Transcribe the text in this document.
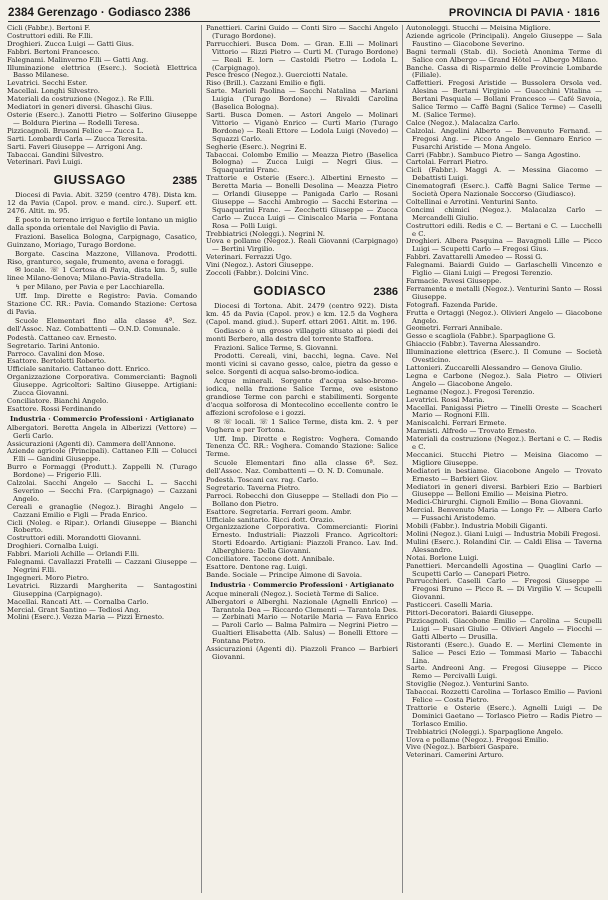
2384 Gerenzago · Godiasco 2386	PROVINCIA DI PAVIA · 1816
Cicli (Fabbr.). Bertoni F.
Costruttori edili. Re F.lli.
Droghieri. Zucca Luigi — Gatti Gius.
Fabbri. Bertoni Francesco.
Falegnami. Malinverno F.lli — Gatti Ang.
Illuminazione elettrica (Eserc.). Società Elettrica Basso Milanese.
Levatrici. Secchi Ester.
Macellai. Longhi Silvestro.
Materiali da costruzione (Negoz.). Re F.lli.
Mediatori in generi diversi. Ghaschi Gius.
Osterie (Eserc.). Zanotti Pietro — Solferino Giuseppe — Boldura Pierina — Rodelli Teresa.
Pizzicagnoli. Brusoni Felice — Zucca L.
Sarti. Lombardi Carla — Zucca Teresita.
Sarti. Faveri Giuseppe — Arrigoni Ang.
Tabaccai. Gandini Silvestro.
Veterinari. Pavì Luigi.
GIUSSAGO	2385

Diocesi di Pavia. Abit. 3259 (centro 478). Dista km. 12 da Pavia (Capol. prov. e mand. circ.). Superf. ett. 2476. Altit. m. 95.

È posto in terreno irriguo e fertile lontano un miglio dalla sponda orientale del Naviglio di Pavia.

Frazioni. Baselica Bologna, Carpignago, Casatico, Guinzano, Moriago, Turago Bordone.

Borgate. Cascina Mazzone, Villanova. Prodotti. Riso, granturco, segale, frumento, avena e foraggi.

✉ locale. ☏ 1 Certosa di Pavia, dista km. 5, sulle linee Milano-Genova; Milano-Pavia-Stradella.

↯ per Milano, per Pavia e per Lacchiarella.

Uff. Imp. Dirette e Registro: Pavia. Comando Stazione CC. RR.: Pavia. Comando Stazione: Certosa di Pavia.

Scuole Elementari fino alla classe 4ª. Sez. dell'Assoc. Naz. Combattenti — O.N.D. Comunale.

Podestà. Cattaneo cav. Ernesto.
Segretario. Tarini Antonio.
Parroco. Cavalini don Mose.
Esattore. Bertoletti Roberto.
Ufficiale sanitario. Cattaneo dott. Enrico.
Organizzazione Corporativa. Commercianti: Bagnoli Giuseppe. Agricoltori: Saltino Giuseppe. Artigiani: Zucca Giovanni.
Conciliatore. Bianchi Angelo.
Esattore. Rossi Ferdinando
Industria · Commercio Professioni · Artigianato
Albergatori. Beretta Angela in Alberizzi (Vettore) — Gerli Carlo.
Assicurazioni (Agenti di). Cammera dell'Annone.
Aziende agricole (Principali). Cattaneo F.lli — Colucci F.lli — Gandini Giuseppe.
Burro e Formaggi (Produtt.). Zappelli N. (Turago Bordone) — Frigerio F.lli.
Calzolai. Sacchi Angelo — Sacchi L. — Sacchi Severino — Secchi Fra. (Carpignago) — Cazzani Angelo.
Cereali e granaglie (Negoz.). Biraghi Angelo — Cazzani Emilio e Figli — Prada Enrico.
Cicli (Noleg. e Ripar.). Orlandi Giuseppe — Bianchi Roberto.
Costruttori edili. Morandotti Giovanni.
Droghieri. Cornalba Luigi.
Fabbri. Marioli Achille — Orlandi F.lli.
Falegnami. Cavallazzi Fratelli — Cazzani Giuseppe — Negrini F.lli.
Ingegneri. Moro Pietro.
Levatrici. Rizzardi Margherita — Santagostini Giuseppina (Carpignago).
Macellai. Rancati Att. — Cornalba Carlo.
Mercial. Grant Santino — Tediosi Ang.
Molini (Eserc.). Vezza Maria — Pizzi Ernesto.
Panettieri. Carini Guido — Conti Siro — Sacchi Angelo (Turago Bordone).
Parrucchieri. Busca Dom. — Gran. E.lli — Molinari Vittorio — Rizzi Pietro — Curti M. (Turago Bordone) — Reali E. lorn — Castoldi Pietro — Lodola L. (Carpignago).
Pesce fresco (Negoz.). Guerciotti Natale.
Riso (Brill.). Cazzani Emilio e figli.
Sarte. Marioli Paolina — Sacchi Natalina — Mariani Luigia (Turago Bordone) — Rivaldi Carolina (Baselica Bologna).
Sarti. Busca Domen. — Astori Angelo — Molinari Vittorio — Viganò Enrico — Curti Mario (Turago Bordone) — Reali Ettore — Lodola Luigi (Novedo) — Squazzi Carlo.
Segherie (Eserc.). Negrini E.
Tabaccai. Colombo Emilio — Meazza Pietro (Baselica Bologna) — Zucca Luigi — Negri Gius. — Squaquarini Franc.
Trattorie e Osterie (Eserc.). Albertini Ernesto — Beretta Maria — Bonelli Desolina — Meazza Pietro — Orlandi Giuseppe — Panigada Carlo — Rosani Giuseppe — Sacchi Ambrogio — Sacchi Esterina — Squaquarini Franc. — Zecchetti Giuseppe — Zucca Carlo — Zucca Luigi — Ciniscalco Maria — Fontana Rosa — Polli Luigi.
Trebbiatrici (Noleggi.). Negrini N.
Uova e pollame (Negoz.). Reali Giovanni (Carpignago) — Bertini Virgilio.
Veterinari. Ferrazzi Ugo.
Vini (Negoz.). Astori Giuseppe.
Zoccoli (Fabbr.). Dolcini Vinc.
GODIASCO	2386

Diocesi di Tortona. Abit. 2479 (centro 922). Dista km. 45 da Pavia (Capol. prov.) e km. 12.5 da Voghera (Capol. mand. giud.). Superf. ettari 2061. Altit. m. 196.

Godiasco è un grosso villaggio situato ai piedi dei monti Berbero, alla destra del torrente Staffora.

Frazioni. Salice Terme, S. Giovanni.

Prodotti. Cereali, vini, bacchi, legna. Cave. Nel monti vicini si cavano gesso, calce, pietra da gesso e selce. Sorgenti di acqua salso-bromo-iodica.

Acque minerali. Sorgente d'acqua salso-bromo-iodica, nella frazione Salice Terme, ove esistono grandiose Terme con parchi e stabilimenti. Sorgente d'acqua solforosa di Montecolino eccellente contro le affezioni scrofolose e i gozzi.

✉ ☏ locali. ☏ 1 Salice Terme, dista km. 2. ↯ per Voghera e per Tortona.

Uff. Imp. Dirette e Registro: Voghera. Comando Tenenza CC. RR.: Voghera. Comando Stazione: Salice Terme.

Scuole Elementari fino alla classe 6ª. Sez. dell'Assoc. Naz. Combattenti — O. N. D. Comunale.

Podestà. Toscani cav. rag. Carlo.
Segretario. Taverna Pietro.
Parroci. Robecchi don Giuseppe — Stelladi don Pio — Bollano don Pietro.
Esattore. Segretaria. Ferrari geom. Ambr.
Ufficiale sanitario. Ricci dott. Orazio.
Organizzazione Corporativa. Commercianti: Fiorini Ernesto. Industriali: Piazzoli Franco. Agricoltori: Storti Edoardo. Artigiani: Piazzoli Franco. Lav. Ind. Alberghiera: Della Giovanni.
Conciliatore. Taccone dott. Annibale.
Esattore. Dentone rag. Luigi.
Bande. Sociale — Principe Aimone di Savoia.
Industria · Commercio Professioni · Artigianato
Acque minerali (Negoz.). Società Terme di Salice.
Albergatori e Alberghi. Nazionale (Agnelli Enrico) — Tarantola Dea — Riccardo Clementi — Tarantola Des. — Zerbinati Mario — Notarile Maria — Fava Enrico — Paroli Carlo — Balma Palmira — Negrini Pietro — Gualtieri Elisabetta (Alb. Salus) — Bonelli Ettore — Fontana Pietro.
Assicurazioni (Agenti di). Piazzoli Franco — Barbieri Giovanni.
Autonoleggi. Stucchi — Meisina Migliore.
Aziende agricole (Principali). Angelo Giuseppe — Sala Faustino — Giacobone Severino.
Bagni termali (Stab. di). Società Anonima Terme di Salice con Albergo — Grand Hôtel — Albergo Milano.
Banche. Cassa di Risparmio delle Provincie Lombarde (Filiale).
Caffettieri. Fregosi Aristide — Bussolera Orsola ved. Alesina — Bertani Virginio — Guacchini Vitalina — Bertani Pasquale — Bollani Francesco — Café Savoia, Salice Termo — Caffè Bagni (Salice Terme) — Caselli M. (Salice Terme).
Calce (Negoz.). Malacalza Carlo.
Calzolai. Angelini Alberto — Benvenuto Fernand. — Fregosi Ang. — Picco Angelo — Gennaro Enrico — Fusarchi Aristide — Mona Angelo.
Carri (Fabbr.). Sambuco Pietro — Sanga Agostino.
Cartolai. Ferrari Pietro.
Cicli (Fabbr.). Maggi A. — Messina Giacomo — Debattisti Luigi.
Cinematografi (Eserc.). Caffè Bagni Salice Terme — Società Opera Nazionale Soccorso (Giudiasco).
Coltellinai e Arrotini. Venturini Santo.
Concimi chimici (Negoz.). Malacalza Carlo — Mercandelli Giulio.
Costruttori edili. Redis e C. — Bertani e C. — Lucchelli e C.
Droghieri. Albera Pasquina — Bavagnoli Lille — Picco Luigi — Scupetti Carlo — Fregosi Gius.
Fabbri. Zavattarelli Amedeo — Rossi G.
Falegnami. Baiardi Guido — Garlaschelli Vincenzo e Figlio — Giani Luigi — Fregosi Terenzio.
Farmacie. Pavesi Giuseppe.
Ferramenta e metalli (Negoz.). Venturini Santo — Rossi Giuseppe.
Fotografi. Fazenda Paride.
Frutta e Ortaggi (Negoz.). Olivieri Angelo — Giacobone Angelo.
Geometri. Ferrari Annibale.
Gesso e scagliola (Fabbr.). Sparpaglione G.
Ghiaccio (Fabbr.). Taverna Alessandro.
Illuminazione elettrica (Eserc.). Il Comune — Società Ovesticino.
Lattonieri. Zuccarelli Alessandro — Genova Giulio.
Legna e Carbone (Negoz.). Sala Pietro — Olivieri Angelo — Giacobone Angelo.
Legname (Negoz.). Fregosi Terenzio.
Levatrici. Rossi Maria.
Macellai. Panigassi Pietro — Tinelli Oreste — Scacheri Mario — Rognoni F.lli.
Maniscalchi. Ferrari Ermete.
Marmisti. Alfredo — Trovato Ernesto.
Materiali da costruzione (Negoz.). Bertani e C. — Redis e C.
Meccanici. Stucchi Pietro — Meisina Giacomo — Migliore Giuseppe.
Mediatori in bestiame. Giacobone Angelo — Trovato Ernesto — Barbieri Giov.
Mediatori in generi diversi. Barbieri Ezio — Barbieri Giuseppe — Belloni Emilio — Meisina Pietro.
Medici-Chirurghi. Cignoli Emilio — Bona Giovanni.
Mercial. Benvenuto Maria — Longo Fr. — Albera Carlo — Fussachi Aristodemo.
Mobili (Fabbr.). Industria Mobili Giganti.
Molini (Negoz.). Giani Luigi — Industria Mobili Fregosi.
Mulini (Eserc.). Rolandini Cir. — Caldi Elisa — Taverna Alessandro.
Notai. Borlone Luigi.
Panettieri. Mercandelli Agostina — Quaglini Carlo — Scupetti Carlo — Canepari Pietro.
Parrucchieri. Caselli Carlo — Fregosi Giuseppe — Fregosi Bruno — Picco R. — Di Virgilio V. — Scupelli Giovanni.
Pasticceri. Caselli Maria.
Pittori-Decoratori. Baiardi Giuseppe.
Pizzicagnoli. Giacobone Emilio — Carolina — Scupelli Luigi — Fusari Giulio — Olivieri Angelo — Fiocchi — Gatti Alberto — Drusilla.
Ristoranti (Eserc.). Guado E. — Merlini Clemente in Salice — Pesci Ezio — Tommasi Mario — Tabacchi Lina.
Sarte. Andreoni Ang. — Fregosi Giuseppe — Picco Remo — Percivalli Luigi.
Stoviglie (Negoz.). Venturini Santo.
Tabaccai. Rozzetti Carolina — Torlasco Emilio — Pavioni Felice — Costa Pietro.
Trattorie e Osterie (Eserc.). Agnelli Luigi — De Dominici Gaetano — Torlasco Pietro — Radis Pietro — Torlasco Emilio.
Trebbiatrici (Noleggi.). Sparpaglione Angelo.
Uova e pollame (Negoz.). Fregosi Emilio.
Vive (Negoz.). Barbieri Gaspare.
Veterinari. Camerini Arturo.
